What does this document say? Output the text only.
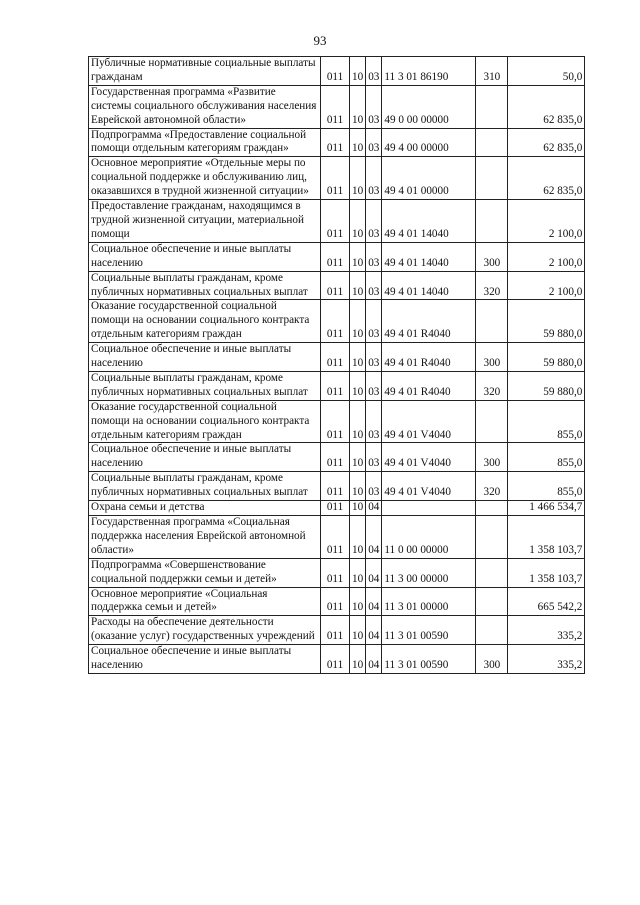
93
Публичные нормативные социальные выплаты гражданам	011	10	03	11 3 01 86190	310	50,0
Государственная программа «Развитие системы социального обслуживания населения Еврейской автономной области»	011	10	03	49 0 00 00000		62 835,0
Подпрограмма «Предоставление социальной помощи отдельным категориям граждан»	011	10	03	49 4 00 00000		62 835,0
Основное мероприятие «Отдельные меры по социальной поддержке и обслуживанию лиц, оказавшихся в трудной жизненной ситуации»	011	10	03	49 4 01 00000		62 835,0
Предоставление гражданам, находящимся в трудной жизненной ситуации, материальной помощи	011	10	03	49 4 01 14040		2 100,0
Социальное обеспечение и иные выплаты населению	011	10	03	49 4 01 14040	300	2 100,0
Социальные выплаты гражданам, кроме публичных нормативных социальных выплат	011	10	03	49 4 01 14040	320	2 100,0
Оказание государственной социальной помощи на основании социального контракта отдельным категориям граждан	011	10	03	49 4 01 R4040		59 880,0
Социальное обеспечение и иные выплаты населению	011	10	03	49 4 01 R4040	300	59 880,0
Социальные выплаты гражданам, кроме публичных нормативных социальных выплат	011	10	03	49 4 01 R4040	320	59 880,0
Оказание государственной социальной помощи на основании социального контракта отдельным категориям граждан	011	10	03	49 4 01 V4040		855,0
Социальное обеспечение и иные выплаты населению	011	10	03	49 4 01 V4040	300	855,0
Социальные выплаты гражданам, кроме публичных нормативных социальных выплат	011	10	03	49 4 01 V4040	320	855,0
Охрана семьи и детства	011	10	04			1 466 534,7
Государственная программа «Социальная поддержка населения Еврейской автономной области»	011	10	04	11 0 00 00000		1 358 103,7
Подпрограмма «Совершенствование социальной поддержки семьи и детей»	011	10	04	11 3 00 00000		1 358 103,7
Основное мероприятие «Социальная поддержка семьи и детей»	011	10	04	11 3 01 00000		665 542,2
Расходы на обеспечение деятельности (оказание услуг) государственных учреждений	011	10	04	11 3 01 00590		335,2
Социальное обеспечение и иные выплаты населению	011	10	04	11 3 01 00590	300	335,2
